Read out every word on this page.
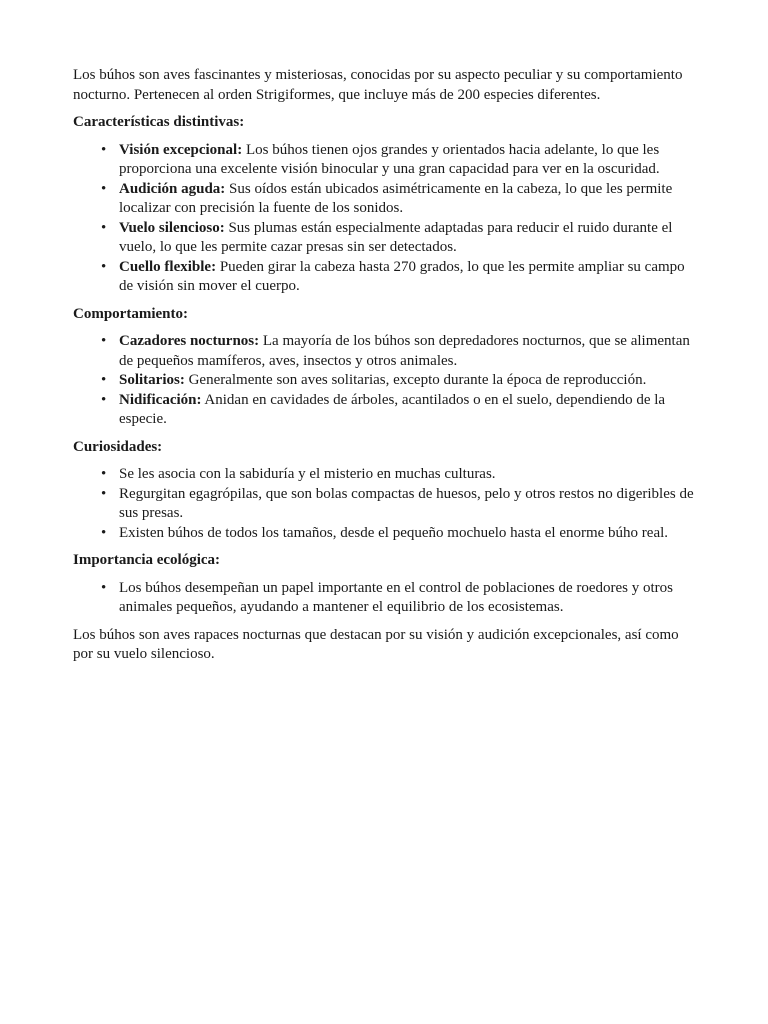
Los búhos son aves fascinantes y misteriosas, conocidas por su aspecto peculiar y su comportamiento nocturno. Pertenecen al orden Strigiformes, que incluye más de 200 especies diferentes.

Características distintivas:

• Visión excepcional: Los búhos tienen ojos grandes y orientados hacia adelante, lo que les proporciona una excelente visión binocular y una gran capacidad para ver en la oscuridad.
• Audición aguda: Sus oídos están ubicados asimétricamente en la cabeza, lo que les permite localizar con precisión la fuente de los sonidos.
• Vuelo silencioso: Sus plumas están especialmente adaptadas para reducir el ruido durante el vuelo, lo que les permite cazar presas sin ser detectados.
• Cuello flexible: Pueden girar la cabeza hasta 270 grados, lo que les permite ampliar su campo de visión sin mover el cuerpo.

Comportamiento:

• Cazadores nocturnos: La mayoría de los búhos son depredadores nocturnos, que se alimentan de pequeños mamíferos, aves, insectos y otros animales.
• Solitarios: Generalmente son aves solitarias, excepto durante la época de reproducción.
• Nidificación: Anidan en cavidades de árboles, acantilados o en el suelo, dependiendo de la especie.

Curiosidades:

• Se les asocia con la sabiduría y el misterio en muchas culturas.
• Regurgitan egagrópilas, que son bolas compactas de huesos, pelo y otros restos no digeribles de sus presas.
• Existen búhos de todos los tamaños, desde el pequeño mochuelo hasta el enorme búho real.

Importancia ecológica:

• Los búhos desempeñan un papel importante en el control de poblaciones de roedores y otros animales pequeños, ayudando a mantener el equilibrio de los ecosistemas.

Los búhos son aves rapaces nocturnas que destacan por su visión y audición excepcionales, así como por su vuelo silencioso.
